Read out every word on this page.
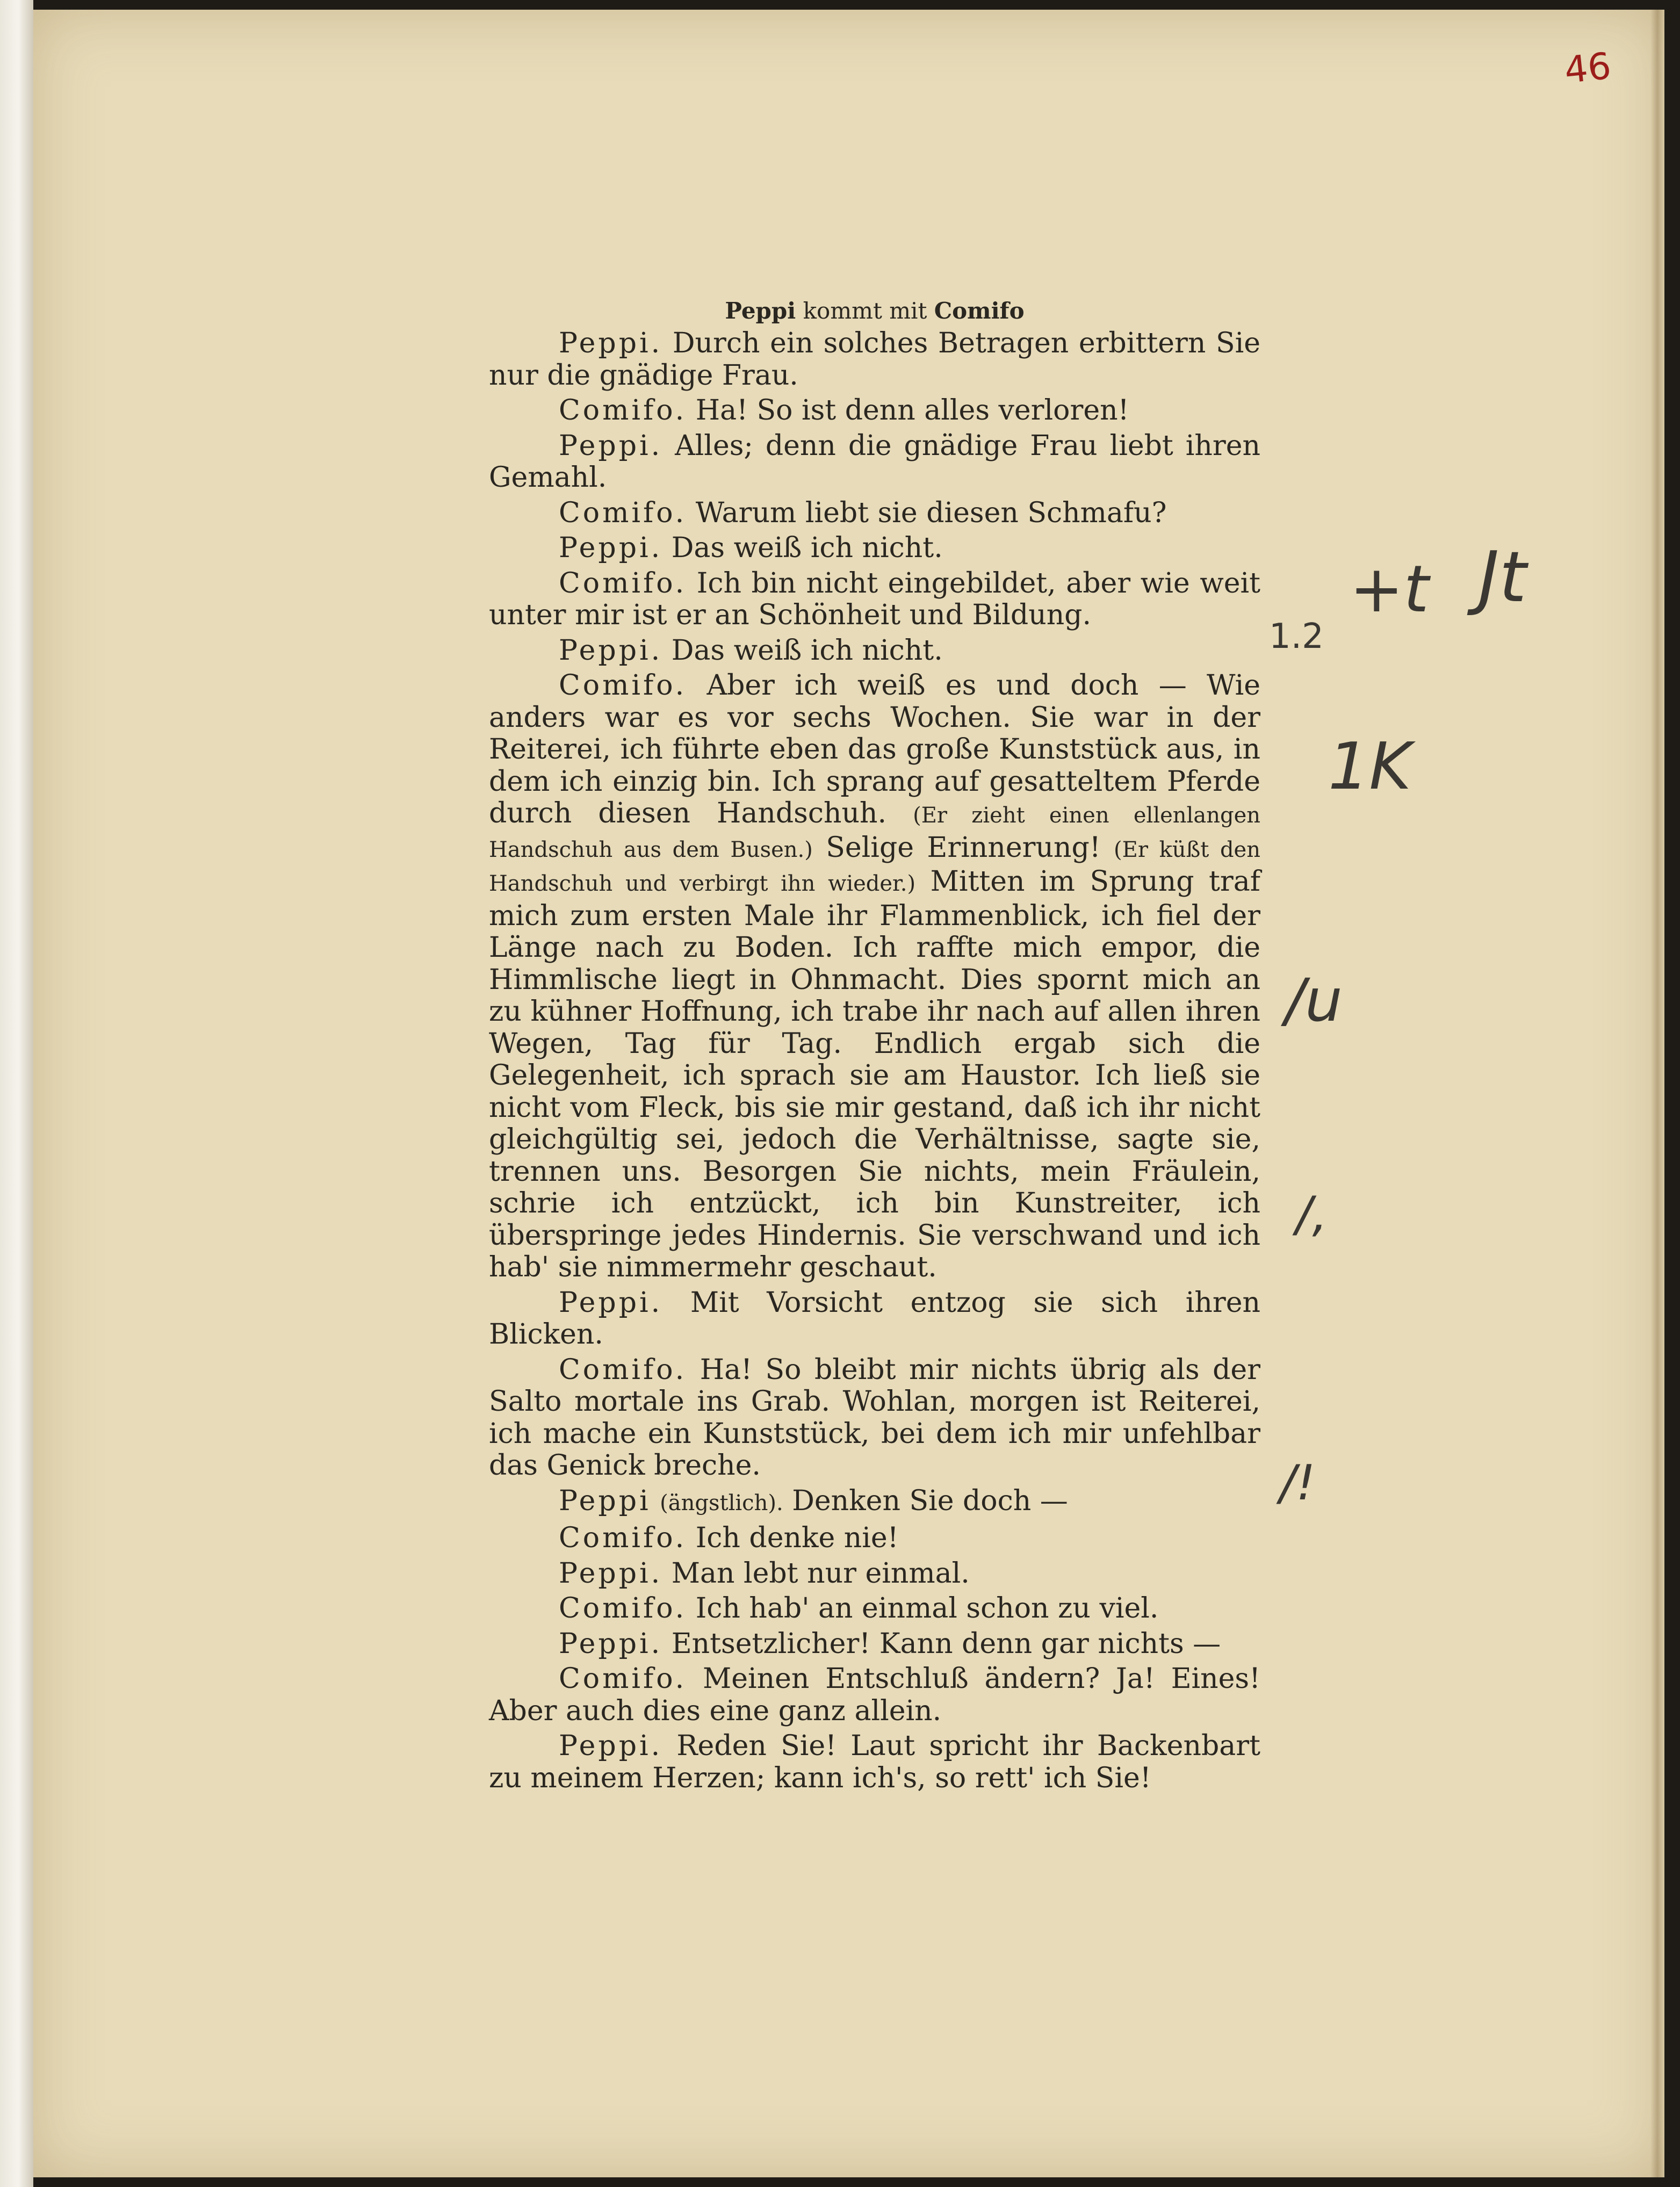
46
Peppi kommt mit Comifo

Peppi. Durch ein solches Betragen erbittern Sie nur die gnädige Frau.

Comifo. Ha! So ist denn alles verloren!

Peppi. Alles; denn die gnädige Frau liebt ihren Gemahl.

Comifo. Warum liebt sie diesen Schmafu?

Peppi. Das weiß ich nicht.

Comifo. Ich bin nicht eingebildet, aber wie weit unter mir ist er an Schönheit und Bildung.

Peppi. Das weiß ich nicht.

Comifo. Aber ich weiß es und doch — Wie anders war es vor sechs Wochen. Sie war in der Reiterei, ich führte eben das große Kunststück aus, in dem ich einzig bin. Ich sprang auf gesatteltem Pferde durch diesen Handschuh. (Er zieht einen ellenlangen Handschuh aus dem Busen.) Selige Erinnerung! (Er küßt den Handschuh und verbirgt ihn wieder.) Mitten im Sprung traf mich zum ersten Male ihr Flammenblick, ich fiel der Länge nach zu Boden. Ich raffte mich empor, die Himmlische liegt in Ohnmacht. Dies spornt mich an zu kühner Hoffnung, ich trabe ihr nach auf allen ihren Wegen, Tag für Tag. Endlich ergab sich die Gelegenheit, ich sprach sie am Haustor. Ich ließ sie nicht vom Fleck, bis sie mir gestand, daß ich ihr nicht gleichgültig sei, jedoch die Verhältnisse, sagte sie, trennen uns. Besorgen Sie nichts, mein Fräulein, schrie ich entzückt, ich bin Kunstreiter, ich überspringe jedes Hindernis. Sie verschwand und ich hab' sie nimmermehr geschaut.

Peppi. Mit Vorsicht entzog sie sich ihren Blicken.

Comifo. Ha! So bleibt mir nichts übrig als der Salto mortale ins Grab. Wohlan, morgen ist Reiterei, ich mache ein Kunststück, bei dem ich mir unfehlbar das Genick breche.

Peppi (ängstlich). Denken Sie doch —

Comifo. Ich denke nie!

Peppi. Man lebt nur einmal.

Comifo. Ich hab' an einmal schon zu viel.

Peppi. Entsetzlicher! Kann denn gar nichts —

Comifo. Meinen Entschluß ändern? Ja! Eines! Aber auch dies eine ganz allein.

Peppi. Reden Sie! Laut spricht ihr Backenbart zu meinem Herzen; kann ich's, so rett' ich Sie!

1.2
+t Jt
1K
/u
/,
/!
